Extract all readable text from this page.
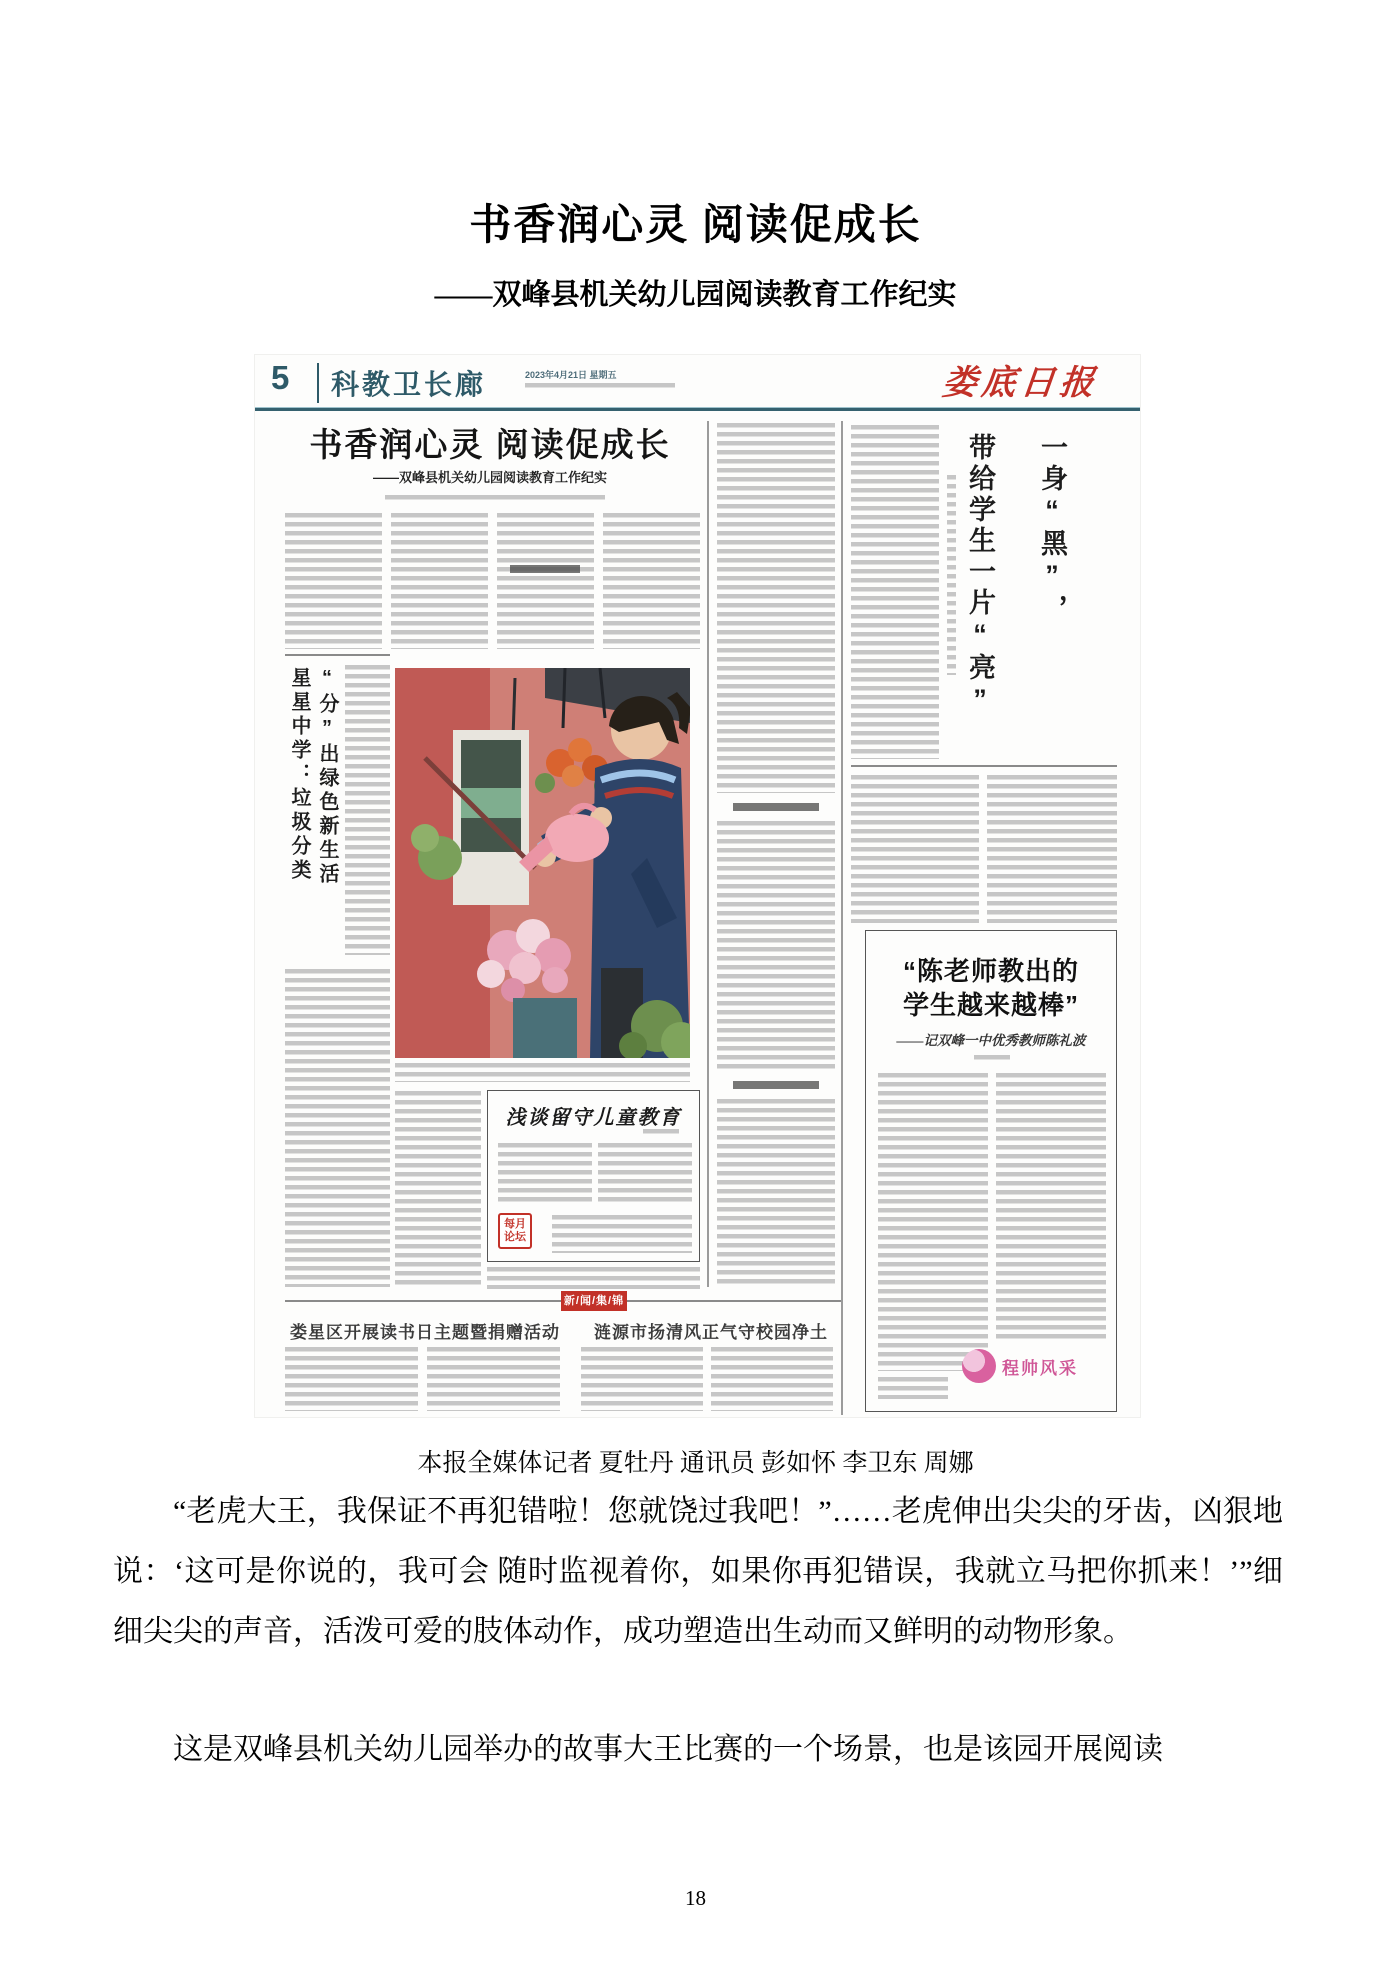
书香润心灵 阅读促成长
——双峰县机关幼儿园阅读教育工作纪实
5 科教卫长廊	2023年4月21日 星期五	娄底日报
书香润心灵 阅读促成长
——双峰县机关幼儿园阅读教育工作纪实
星星中学：垃圾分类 “分”出绿色新生活
浅谈留守儿童教育
每月
论坛
带给学生一片“亮” 一身“黑”，
“陈老师教出的
学生越来越棒”
——记双峰一中优秀教师陈礼波
程帅风采
新/闻/集/锦
娄星区开展读书日主题暨捐赠活动	涟源市扬清风正气守校园净土
本报全媒体记者 夏牡丹 通讯员 彭如怀 李卫东 周娜

“老虎大王，我保证不再犯错啦！您就饶过我吧！”……老虎伸出尖尖的牙齿，凶狠地说：‘这可是你说的，我可会 随时监视着你，如果你再犯错误，我就立马把你抓来！’”细细尖尖的声音，活泼可爱的肢体动作，成功塑造出生动而又鲜明的动物形象。

这是双峰县机关幼儿园举办的故事大王比赛的一个场景，也是该园开展阅读

18
